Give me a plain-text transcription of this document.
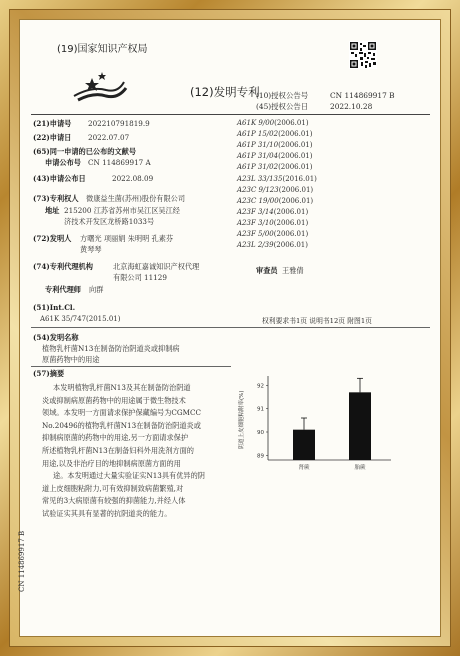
(19)国家知识产权局
(12)发明专利
(10)授权公告号	CN 114869917 B
(45)授权公告日	2022.10.28
(21)申请号 202210791819.9
(22)申请日 2022.07.07
(65)同一申请的已公布的文献号
申请公布号 CN 114869917 A
(43)申请公布日	2022.08.09
(73)专利权人 微康益生菌(苏州)股份有限公司
地址 215200 江苏省苏州市吴江区吴江经
济技术开发区龙桥路1033号
(72)发明人 方曙光 项丽娟 朱明明 孔素芬
黄琴琴
(74)专利代理机构	北京海虹嘉诚知识产权代理
有限公司 11129
专利代理师 向群
(51)Int.Cl.
A61K 35/747(2015.01)
A61K 9/00(2006.01)
A61P 15/02(2006.01)
A61P 31/10(2006.01)
A61P 31/04(2006.01)
A61P 31/02(2006.01)
A23L 33/135(2016.01)
A23C 9/123(2006.01)
A23C 19/00(2006.01)
A23F 3/14(2006.01)
A23F 3/10(2006.01)
A23F 5/00(2006.01)
A23L 2/39(2006.01)
审查员 王雅倩
权利要求书1页 说明书12页 附图1页
(54)发明名称
植物乳杆菌N13在制备防治阴道炎或抑制病
原菌药物中的用途
(57)摘要
本发明植物乳杆菌N13及其在制备防治阴道
炎或抑制病原菌药物中的用途属于微生物技术
领域。本发明一方面请求保护保藏编号为CGMCC
No.20496的植物乳杆菌N13在制备防治阴道炎或
抑制病原菌的药物中的用途,另一方面请求保护
所述植物乳杆菌N13在制备妇科外用洗剂方面的
用途,以及非治疗目的地抑制病原菌方面的用
途。本发明通过大量实验证实N13具有优异的阴
道上皮细胞粘附力,可有效抑制致病菌繁殖,对
常见的3大病原菌有较强的抑菌能力,并经人体
试验证实其具有显著的抗阴道炎的能力。
阴道上皮细胞粘附率(%)
89
90
91
92
肾蕨	胎蕨
CN 114869917 B
